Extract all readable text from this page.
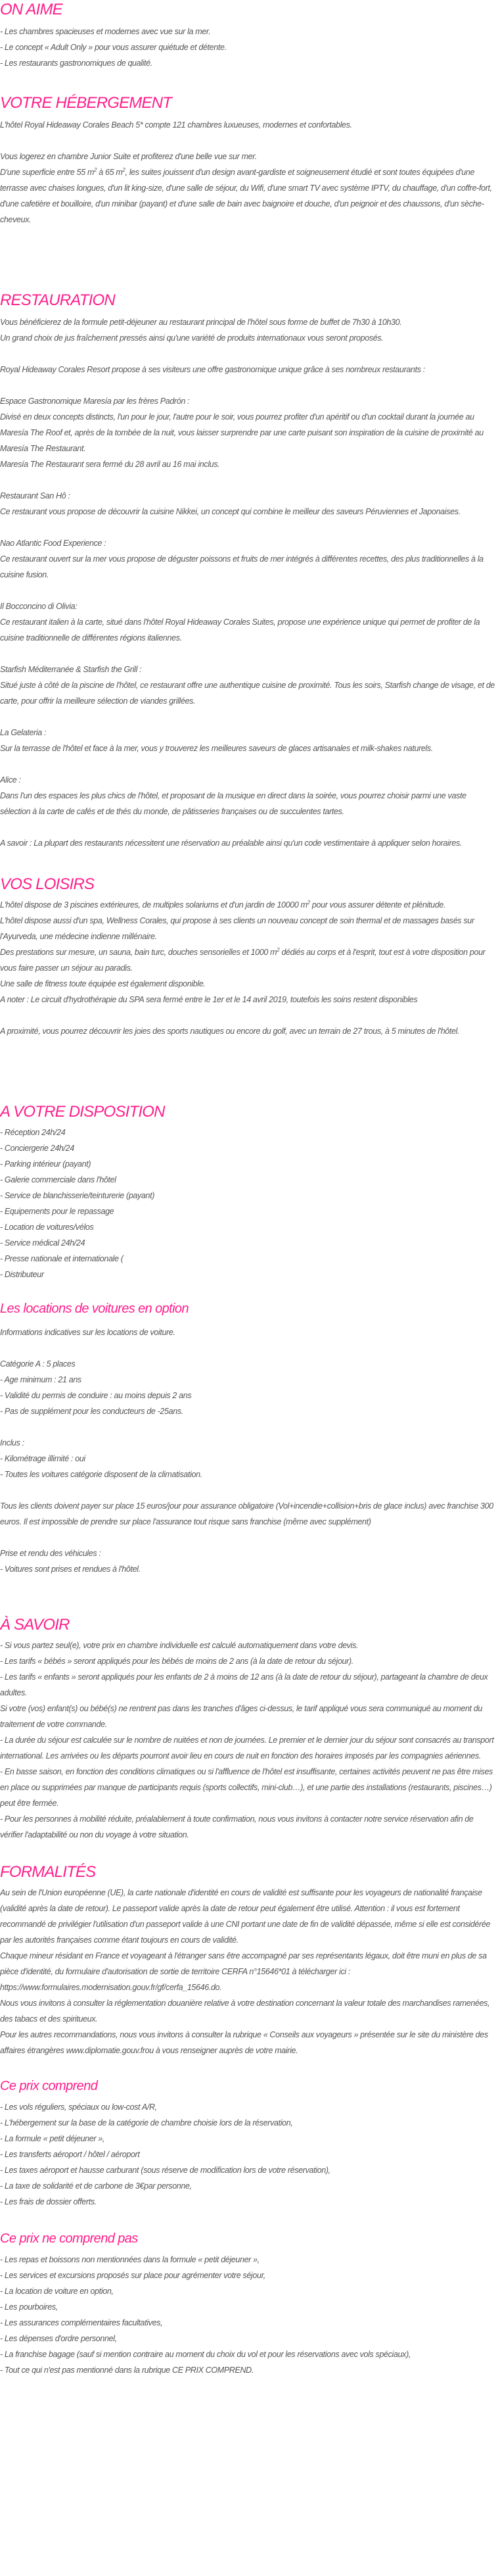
ON AIME

- Les chambres spacieuses et modernes avec vue sur la mer.

- Le concept « Adult Only » pour vous assurer quiétude et détente.

- Les restaurants gastronomiques de qualité.

VOTRE HÉBERGEMENT

L'hôtel Royal Hideaway Corales Beach 5* compte 121 chambres luxueuses, modernes et confortables.

Vous logerez en chambre Junior Suite et profiterez d'une belle vue sur mer.

D'une superficie entre 55 $m^2$ à 65 $m^2$, les suites jouissent d'un design avant-gardiste et soigneusement étudié et sont toutes équipées d'une terrasse avec chaises longues, d'un lit king-size, d'une salle de séjour, du Wifi, d'une smart TV avec système IPTV, du chauffage, d'un coffre-fort, d'une cafetière et bouilloire, d'un minibar (payant) et d'une salle de bain avec baignoire et douche, d'un peignoir et des chaussons, d'un sèche-cheveux.

RESTAURATION

Vous bénéficierez de la formule petit-déjeuner au restaurant principal de l'hôtel sous forme de buffet de 7h30 à 10h30.

Un grand choix de jus fraîchement pressés ainsi qu'une variété de produits internationaux vous seront proposés.

Royal Hideaway Corales Resort propose à ses visiteurs une offre gastronomique unique grâce à ses nombreux restaurants :

Espace Gastronomique Maresía par les frères Padrón :

Divisé en deux concepts distincts, l'un pour le jour, l'autre pour le soir, vous pourrez profiter d'un apéritif ou d'un cocktail durant la journée au Maresía The Roof et, après de la tombée de la nuit, vous laisser surprendre par une carte puisant son inspiration de la cuisine de proximité au Maresía The Restaurant.

Maresía The Restaurant sera fermé du 28 avril au 16 mai inclus.

Restaurant San Hô :

Ce restaurant vous propose de découvrir la cuisine Nikkei, un concept qui combine le meilleur des saveurs Péruviennes et Japonaises.

Nao Atlantic Food Experience :

Ce restaurant ouvert sur la mer vous propose de déguster poissons et fruits de mer intégrés à différentes recettes, des plus traditionnelles à la cuisine fusion.

Il Bocconcino di Olivia:

Ce restaurant italien à la carte, situé dans l'hôtel Royal Hideaway Corales Suites, propose une expérience unique qui permet de profiter de la cuisine traditionnelle de différentes régions italiennes.

Starfish Méditerranée & Starfish the Grill :

Situé juste à côté de la piscine de l'hôtel, ce restaurant offre une authentique cuisine de proximité. Tous les soirs, Starfish change de visage, et de carte, pour offrir la meilleure sélection de viandes grillées.

La Gelateria :

Sur la terrasse de l'hôtel et face à la mer, vous y trouverez les meilleures saveurs de glaces artisanales et milk-shakes naturels.

Alice :

Dans l'un des espaces les plus chics de l'hôtel, et proposant de la musique en direct dans la soirée, vous pourrez choisir parmi une vaste sélection à la carte de cafés et de thés du monde, de pâtisseries françaises ou de succulentes tartes.

A savoir : La plupart des restaurants nécessitent une réservation au préalable ainsi qu'un code vestimentaire à appliquer selon horaires.

VOS LOISIRS

L'hôtel dispose de 3 piscines extérieures, de multiples solariums et d'un jardin de 10000 $m^2$ pour vous assurer détente et plénitude.

L'hôtel dispose aussi d'un spa, Wellness Corales, qui propose à ses clients un nouveau concept de soin thermal et de massages basés sur l'Ayurveda, une médecine indienne millénaire.

Des prestations sur mesure, un sauna, bain turc, douches sensorielles et 1000 $m^2$ dédiés au corps et à l'esprit, tout est à votre disposition pour vous faire passer un séjour au paradis.

Une salle de fitness toute équipée est également disponible.

A noter : Le circuit d'hydrothérapie du SPA sera fermé entre le 1er et le 14 avril 2019, toutefois les soins restent disponibles

A proximité, vous pourrez découvrir les joies des sports nautiques ou encore du golf, avec un terrain de 27 trous, à 5 minutes de l'hôtel.

A VOTRE DISPOSITION

- Réception 24h/24

- Conciergerie 24h/24

- Parking intérieur (payant)

- Galerie commerciale dans l'hôtel

- Service de blanchisserie/teinturerie (payant)

- Equipements pour le repassage

- Location de voitures/vélos

- Service médical 24h/24

- Presse nationale et internationale (

- Distributeur

Les locations de voitures en option

Informations indicatives sur les locations de voiture.

Catégorie A : 5 places

- Age minimum : 21 ans

- Validité du permis de conduire : au moins depuis 2 ans

- Pas de supplément pour les conducteurs de -25ans.

Inclus :

- Kilométrage illimité : oui

- Toutes les voitures catégorie disposent de la climatisation.

Tous les clients doivent payer sur place 15 euros/jour pour assurance obligatoire (Vol+incendie+collision+bris de glace inclus) avec franchise 300 euros. Il est impossible de prendre sur place l'assurance tout risque sans franchise (même avec supplément)

Prise et rendu des véhicules :

- Voitures sont prises et rendues à l'hôtel.

À SAVOIR

- Si vous partez seul(e), votre prix en chambre individuelle est calculé automatiquement dans votre devis.

- Les tarifs « bébés » seront appliqués pour les bébés de moins de 2 ans (à la date de retour du séjour).

- Les tarifs « enfants » seront appliqués pour les enfants de 2 à moins de 12 ans (à la date de retour du séjour), partageant la chambre de deux adultes.

Si votre (vos) enfant(s) ou bébé(s) ne rentrent pas dans les tranches d'âges ci-dessus, le tarif appliqué vous sera communiqué au moment du traitement de votre commande.

- La durée du séjour est calculée sur le nombre de nuitées et non de journées. Le premier et le dernier jour du séjour sont consacrés au transport international. Les arrivées ou les départs pourront avoir lieu en cours de nuit en fonction des horaires imposés par les compagnies aériennes.

- En basse saison, en fonction des conditions climatiques ou si l'affluence de l'hôtel est insuffisante, certaines activités peuvent ne pas être mises en place ou supprimées par manque de participants requis (sports collectifs, mini-club…), et une partie des installations (restaurants, piscines…) peut être fermée.

- Pour les personnes à mobilité réduite, préalablement à toute confirmation, nous vous invitons à contacter notre service réservation afin de vérifier l'adaptabilité ou non du voyage à votre situation.

FORMALITÉS

Au sein de l'Union européenne (UE), la carte nationale d'identité en cours de validité est suffisante pour les voyageurs de nationalité française (validité après la date de retour). Le passeport valide après la date de retour peut également être utilisé. Attention : il vous est fortement recommandé de privilégier l'utilisation d'un passeport valide à une CNI portant une date de fin de validité dépassée, même si elle est considérée par les autorités françaises comme étant toujours en cours de validité.

Chaque mineur résidant en France et voyageant à l'étranger sans être accompagné par ses représentants légaux, doit être muni en plus de sa pièce d'identité, du formulaire d'autorisation de sortie de territoire CERFA n°15646*01 à télécharger ici :

https://www.formulaires.modernisation.gouv.fr/gf/cerfa_15646.do.

Nous vous invitons à consulter la réglementation douanière relative à votre destination concernant la valeur totale des marchandises ramenées, des tabacs et des spiritueux.

Pour les autres recommandations, nous vous invitons à consulter la rubrique « Conseils aux voyageurs » présentée sur le site du ministère des affaires étrangères www.diplomatie.gouv.frou à vous renseigner auprès de votre mairie.

Ce prix comprend

- Les vols réguliers, spéciaux ou low-cost A/R,

- L'hébergement sur la base de la catégorie de chambre choisie lors de la réservation,

- La formule « petit déjeuner »,

- Les transferts aéroport / hôtel / aéroport

- Les taxes aéroport et hausse carburant (sous réserve de modification lors de votre réservation),

- La taxe de solidarité et de carbone de 3€par personne,

- Les frais de dossier offerts.

Ce prix ne comprend pas

- Les repas et boissons non mentionnées dans la formule « petit déjeuner »,

- Les services et excursions proposés sur place pour agrémenter votre séjour,

- La location de voiture en option,

- Les pourboires,

- Les assurances complémentaires facultatives,

- Les dépenses d'ordre personnel,

- La franchise bagage (sauf si mention contraire au moment du choix du vol et pour les réservations avec vols spéciaux),

- Tout ce qui n'est pas mentionné dans la rubrique CE PRIX COMPREND.
